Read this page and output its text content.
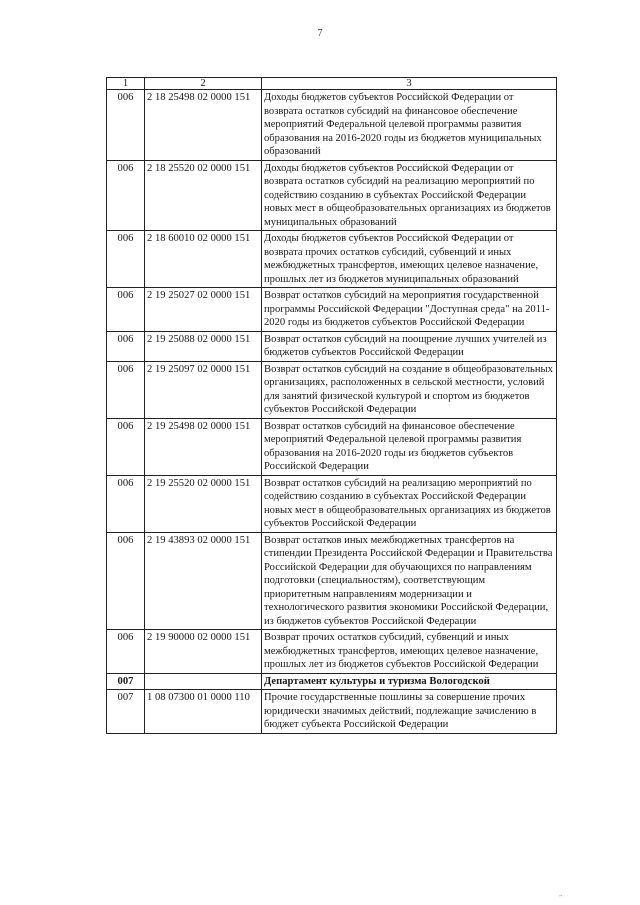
7
1	2	3
006	2 18 25498 02 0000 151	Доходы бюджетов субъектов Российской Федерации от возврата остатков субсидий на финансовое обеспечение мероприятий Федеральной целевой программы развития образования на 2016-2020 годы из бюджетов муниципальных образований
006	2 18 25520 02 0000 151	Доходы бюджетов субъектов Российской Федерации от возврата остатков субсидий на реализацию мероприятий по содействию созданию в субъектах Российской Федерации новых мест в общеобразовательных организациях из бюджетов муниципальных образований
006	2 18 60010 02 0000 151	Доходы бюджетов субъектов Российской Федерации от возврата прочих остатков субсидий, субвенций и иных межбюджетных трансфертов, имеющих целевое назначение, прошлых лет из бюджетов муниципальных образований
006	2 19 25027 02 0000 151	Возврат остатков субсидий на мероприятия государственной программы Российской Федерации "Доступная среда" на 2011-2020 годы из бюджетов субъектов Российской Федерации
006	2 19 25088 02 0000 151	Возврат остатков субсидий на поощрение лучших учителей из бюджетов субъектов Российской Федерации
006	2 19 25097 02 0000 151	Возврат остатков субсидий на создание в общеобразовательных организациях, расположенных в сельской местности, условий для занятий физической культурой и спортом из бюджетов субъектов Российской Федерации
006	2 19 25498 02 0000 151	Возврат остатков субсидий на финансовое обеспечение мероприятий Федеральной целевой программы развития образования на 2016-2020 годы из бюджетов субъектов Российской Федерации
006	2 19 25520 02 0000 151	Возврат остатков субсидий на реализацию мероприятий по содействию созданию в субъектах Российской Федерации новых мест в общеобразовательных организациях из бюджетов субъектов Российской Федерации
006	2 19 43893 02 0000 151	Возврат остатков иных межбюджетных трансфертов на стипендии Президента Российской Федерации и Правительства Российской Федерации для обучающихся по направлениям подготовки (специальностям), соответствующим приоритетным направлениям модернизации и технологического развития экономики Российской Федерации, из бюджетов субъектов Российской Федерации
006	2 19 90000 02 0000 151	Возврат прочих остатков субсидий, субвенций и иных межбюджетных трансфертов, имеющих целевое назначение, прошлых лет из бюджетов субъектов Российской Федерации
007		Департамент культуры и туризма Вологодской
007	1 08 07300 01 0000 110	Прочие государственные пошлины за совершение прочих юридически значимых действий, подлежащие зачислению в бюджет субъекта Российской Федерации
ʹʹ
